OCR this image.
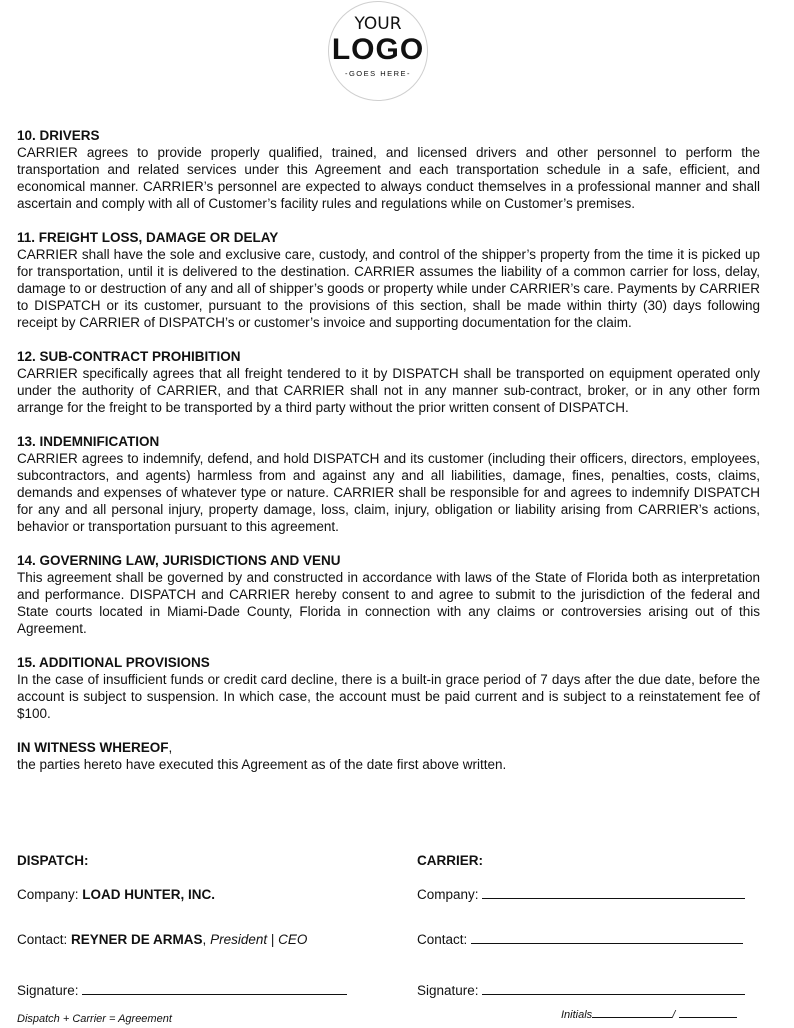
YOUR
LOGO
-GOES HERE-
10. DRIVERS

CARRIER agrees to provide properly qualified, trained, and licensed drivers and other personnel to perform the transportation and related services under this Agreement and each transportation schedule in a safe, efficient, and economical manner. CARRIER’s personnel are expected to always conduct themselves in a professional manner and shall ascertain and comply with all of Customer’s facility rules and regulations while on Customer’s premises.

11. FREIGHT LOSS, DAMAGE OR DELAY

CARRIER shall have the sole and exclusive care, custody, and control of the shipper’s property from the time it is picked up for transportation, until it is delivered to the destination. CARRIER assumes the liability of a common carrier for loss, delay, damage to or destruction of any and all of shipper’s goods or property while under CARRIER’s care. Payments by CARRIER to DISPATCH or its customer, pursuant to the provisions of this section, shall be made within thirty (30) days following receipt by CARRIER of DISPATCH’s or customer’s invoice and supporting documentation for the claim.

12. SUB-CONTRACT PROHIBITION

CARRIER specifically agrees that all freight tendered to it by DISPATCH shall be transported on equipment operated only under the authority of CARRIER, and that CARRIER shall not in any manner sub-contract, broker, or in any other form arrange for the freight to be transported by a third party without the prior written consent of DISPATCH.

13. INDEMNIFICATION

CARRIER agrees to indemnify, defend, and hold DISPATCH and its customer (including their officers, directors, employees, subcontractors, and agents) harmless from and against any and all liabilities, damage, fines, penalties, costs, claims, demands and expenses of whatever type or nature. CARRIER shall be responsible for and agrees to indemnify DISPATCH for any and all personal injury, property damage, loss, claim, injury, obligation or liability arising from CARRIER’s actions, behavior or transportation pursuant to this agreement.

14. GOVERNING LAW, JURISDICTIONS AND VENU

This agreement shall be governed by and constructed in accordance with laws of the State of Florida both as interpretation and performance. DISPATCH and CARRIER hereby consent to and agree to submit to the jurisdiction of the federal and State courts located in Miami-Dade County, Florida in connection with any claims or controversies arising out of this Agreement.

15. ADDITIONAL PROVISIONS

In the case of insufficient funds or credit card decline, there is a built-in grace period of 7 days after the due date, before the account is subject to suspension. In which case, the account must be paid current and is subject to a reinstatement fee of $100.

IN WITNESS WHEREOF,
the parties hereto have executed this Agreement as of the date first above written.
DISPATCH:	CARRIER:
Company: LOAD HUNTER, INC.	Company:
Contact: REYNER DE ARMAS, President | CEO	Contact:
Signature:	Signature:
Dispatch + Carrier = Agreement	Initials	/
